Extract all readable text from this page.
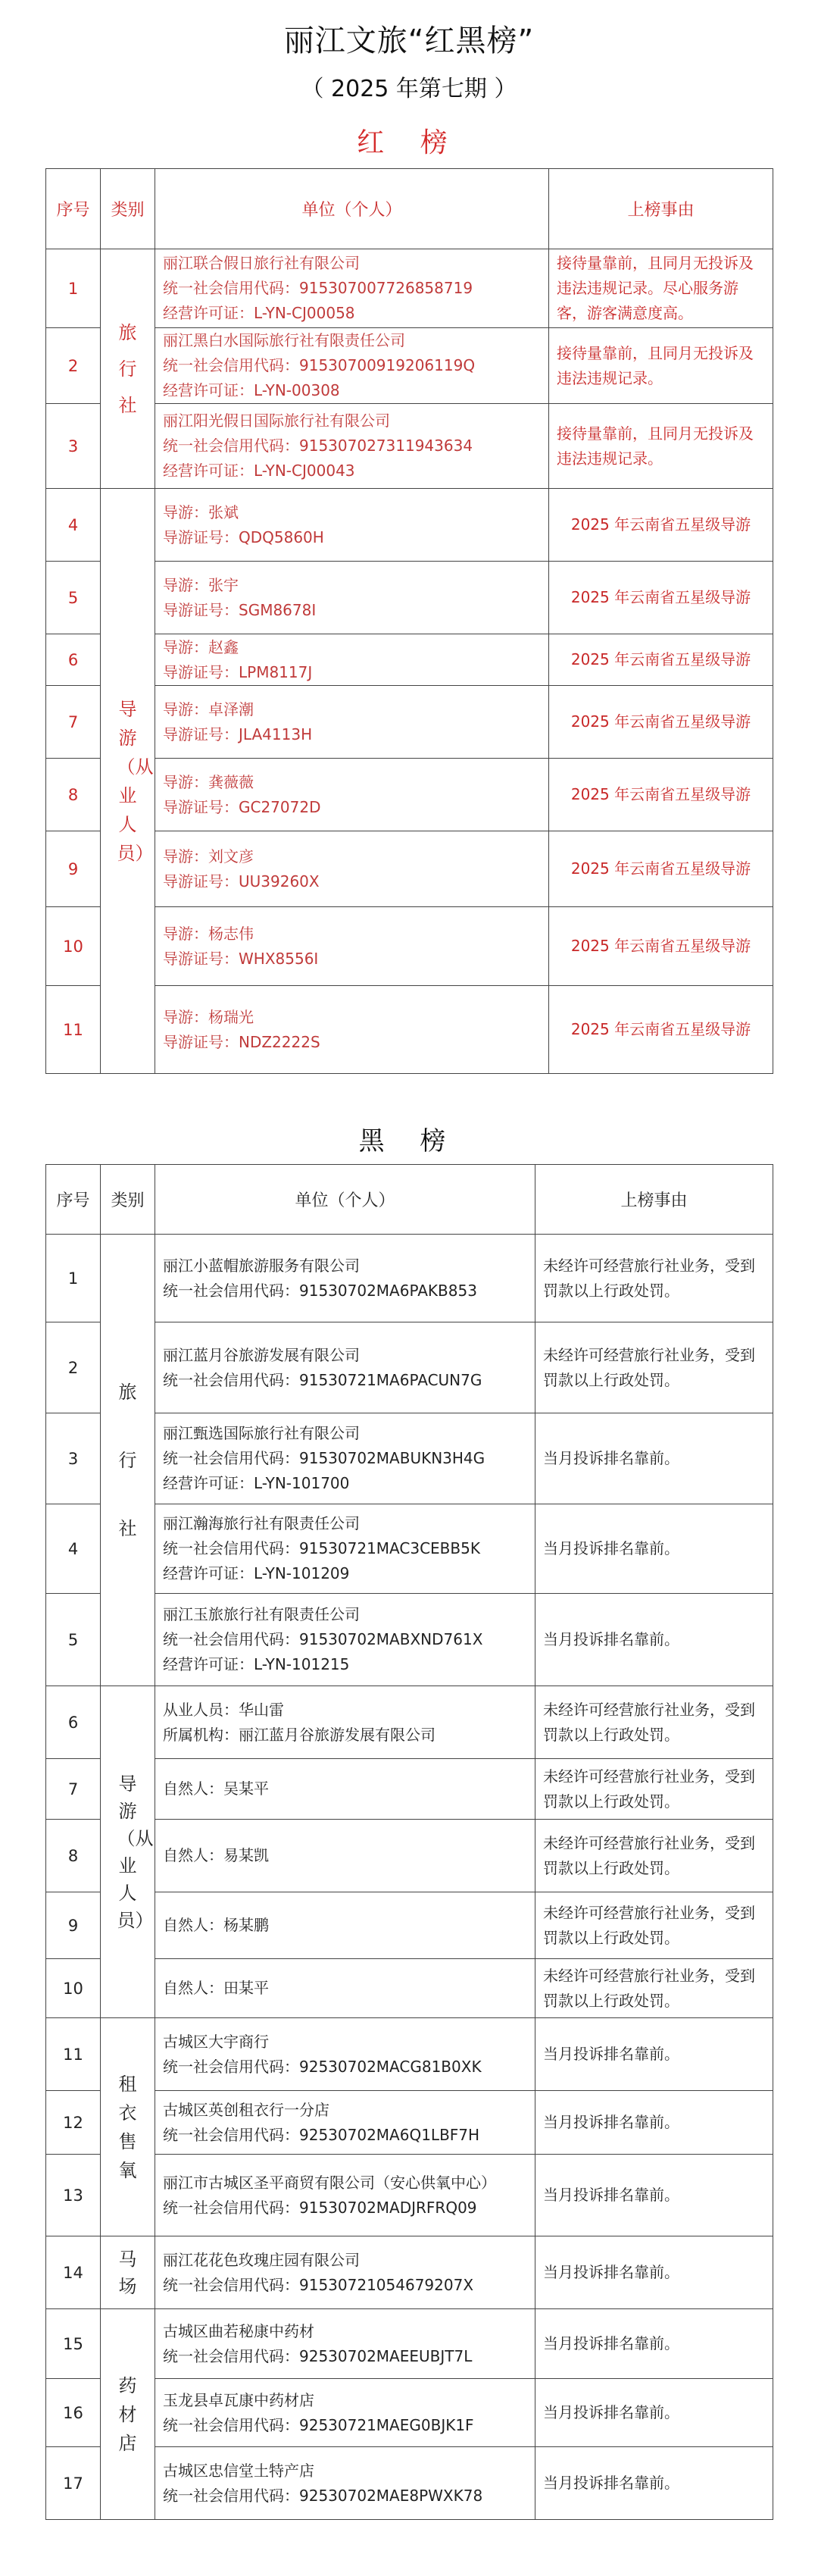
丽江文旅“红黑榜”
（ 2025 年第七期 ）
红 榜
序号	类别	单位（个人）	上榜事由
1	旅行社	丽江联合假日旅行社有限公司
统一社会信用代码：915307007726858719
经营许可证：L-YN-CJ00058	接待量靠前，且同月无投诉及违法违规记录。尽心服务游客，游客满意度高。
2		丽江黑白水国际旅行社有限责任公司
统一社会信用代码：91530700919206119Q
经营许可证：L-YN-00308	接待量靠前，且同月无投诉及违法违规记录。
3		丽江阳光假日国际旅行社有限公司
统一社会信用代码：915307027311943634
经营许可证：L-YN-CJ00043	接待量靠前，且同月无投诉及违法违规记录。
4	导游（从业人员）	导游：张斌
导游证号：QDQ5860H	2025 年云南省五星级导游
5		导游：张宇
导游证号：SGM8678I	2025 年云南省五星级导游
6		导游：赵鑫
导游证号：LPM8117J	2025 年云南省五星级导游
7		导游：卓泽潮
导游证号：JLA4113H	2025 年云南省五星级导游
8		导游：龚薇薇
导游证号：GC27072D	2025 年云南省五星级导游
9		导游：刘文彦
导游证号：UU39260X	2025 年云南省五星级导游
10		导游：杨志伟
导游证号：WHX8556I	2025 年云南省五星级导游
11		导游：杨瑞光
导游证号：NDZ2222S	2025 年云南省五星级导游
黑 榜
序号	类别	单位（个人）	上榜事由
1	旅行社	丽江小蓝帽旅游服务有限公司
统一社会信用代码：91530702MA6PAKB853	未经许可经营旅行社业务，受到罚款以上行政处罚。
2		丽江蓝月谷旅游发展有限公司
统一社会信用代码：91530721MA6PACUN7G	未经许可经营旅行社业务，受到罚款以上行政处罚。
3		丽江甄选国际旅行社有限公司
统一社会信用代码：91530702MABUKN3H4G
经营许可证：L-YN-101700	当月投诉排名靠前。
4		丽江瀚海旅行社有限责任公司
统一社会信用代码：91530721MAC3CEBB5K
经营许可证：L-YN-101209	当月投诉排名靠前。
5		丽江玉旅旅行社有限责任公司
统一社会信用代码：91530702MABXND761X
经营许可证：L-YN-101215	当月投诉排名靠前。
6	导游（从业人员）	从业人员：华山雷
所属机构：丽江蓝月谷旅游发展有限公司	未经许可经营旅行社业务，受到罚款以上行政处罚。
7		自然人：吴某平	未经许可经营旅行社业务，受到罚款以上行政处罚。
8		自然人：易某凯	未经许可经营旅行社业务，受到罚款以上行政处罚。
9		自然人：杨某鹏	未经许可经营旅行社业务，受到罚款以上行政处罚。
10		自然人：田某平	未经许可经营旅行社业务，受到罚款以上行政处罚。
11	租衣售氧	古城区大宇商行
统一社会信用代码：92530702MACG81B0XK	当月投诉排名靠前。
12		古城区英创租衣行一分店
统一社会信用代码：92530702MA6Q1LBF7H	当月投诉排名靠前。
13		丽江市古城区圣平商贸有限公司（安心供氧中心）
统一社会信用代码：91530702MADJRFRQ09	当月投诉排名靠前。
14	马场	丽江花花色玫瑰庄园有限公司
统一社会信用代码：91530721054679207X	当月投诉排名靠前。
15	药材店	古城区曲若秘康中药材
统一社会信用代码：92530702MAEEUBJT7L	当月投诉排名靠前。
16		玉龙县卓瓦康中药材店
统一社会信用代码：92530721MAEG0BJK1F	当月投诉排名靠前。
17		古城区忠信堂土特产店
统一社会信用代码：92530702MAE8PWXK78	当月投诉排名靠前。
